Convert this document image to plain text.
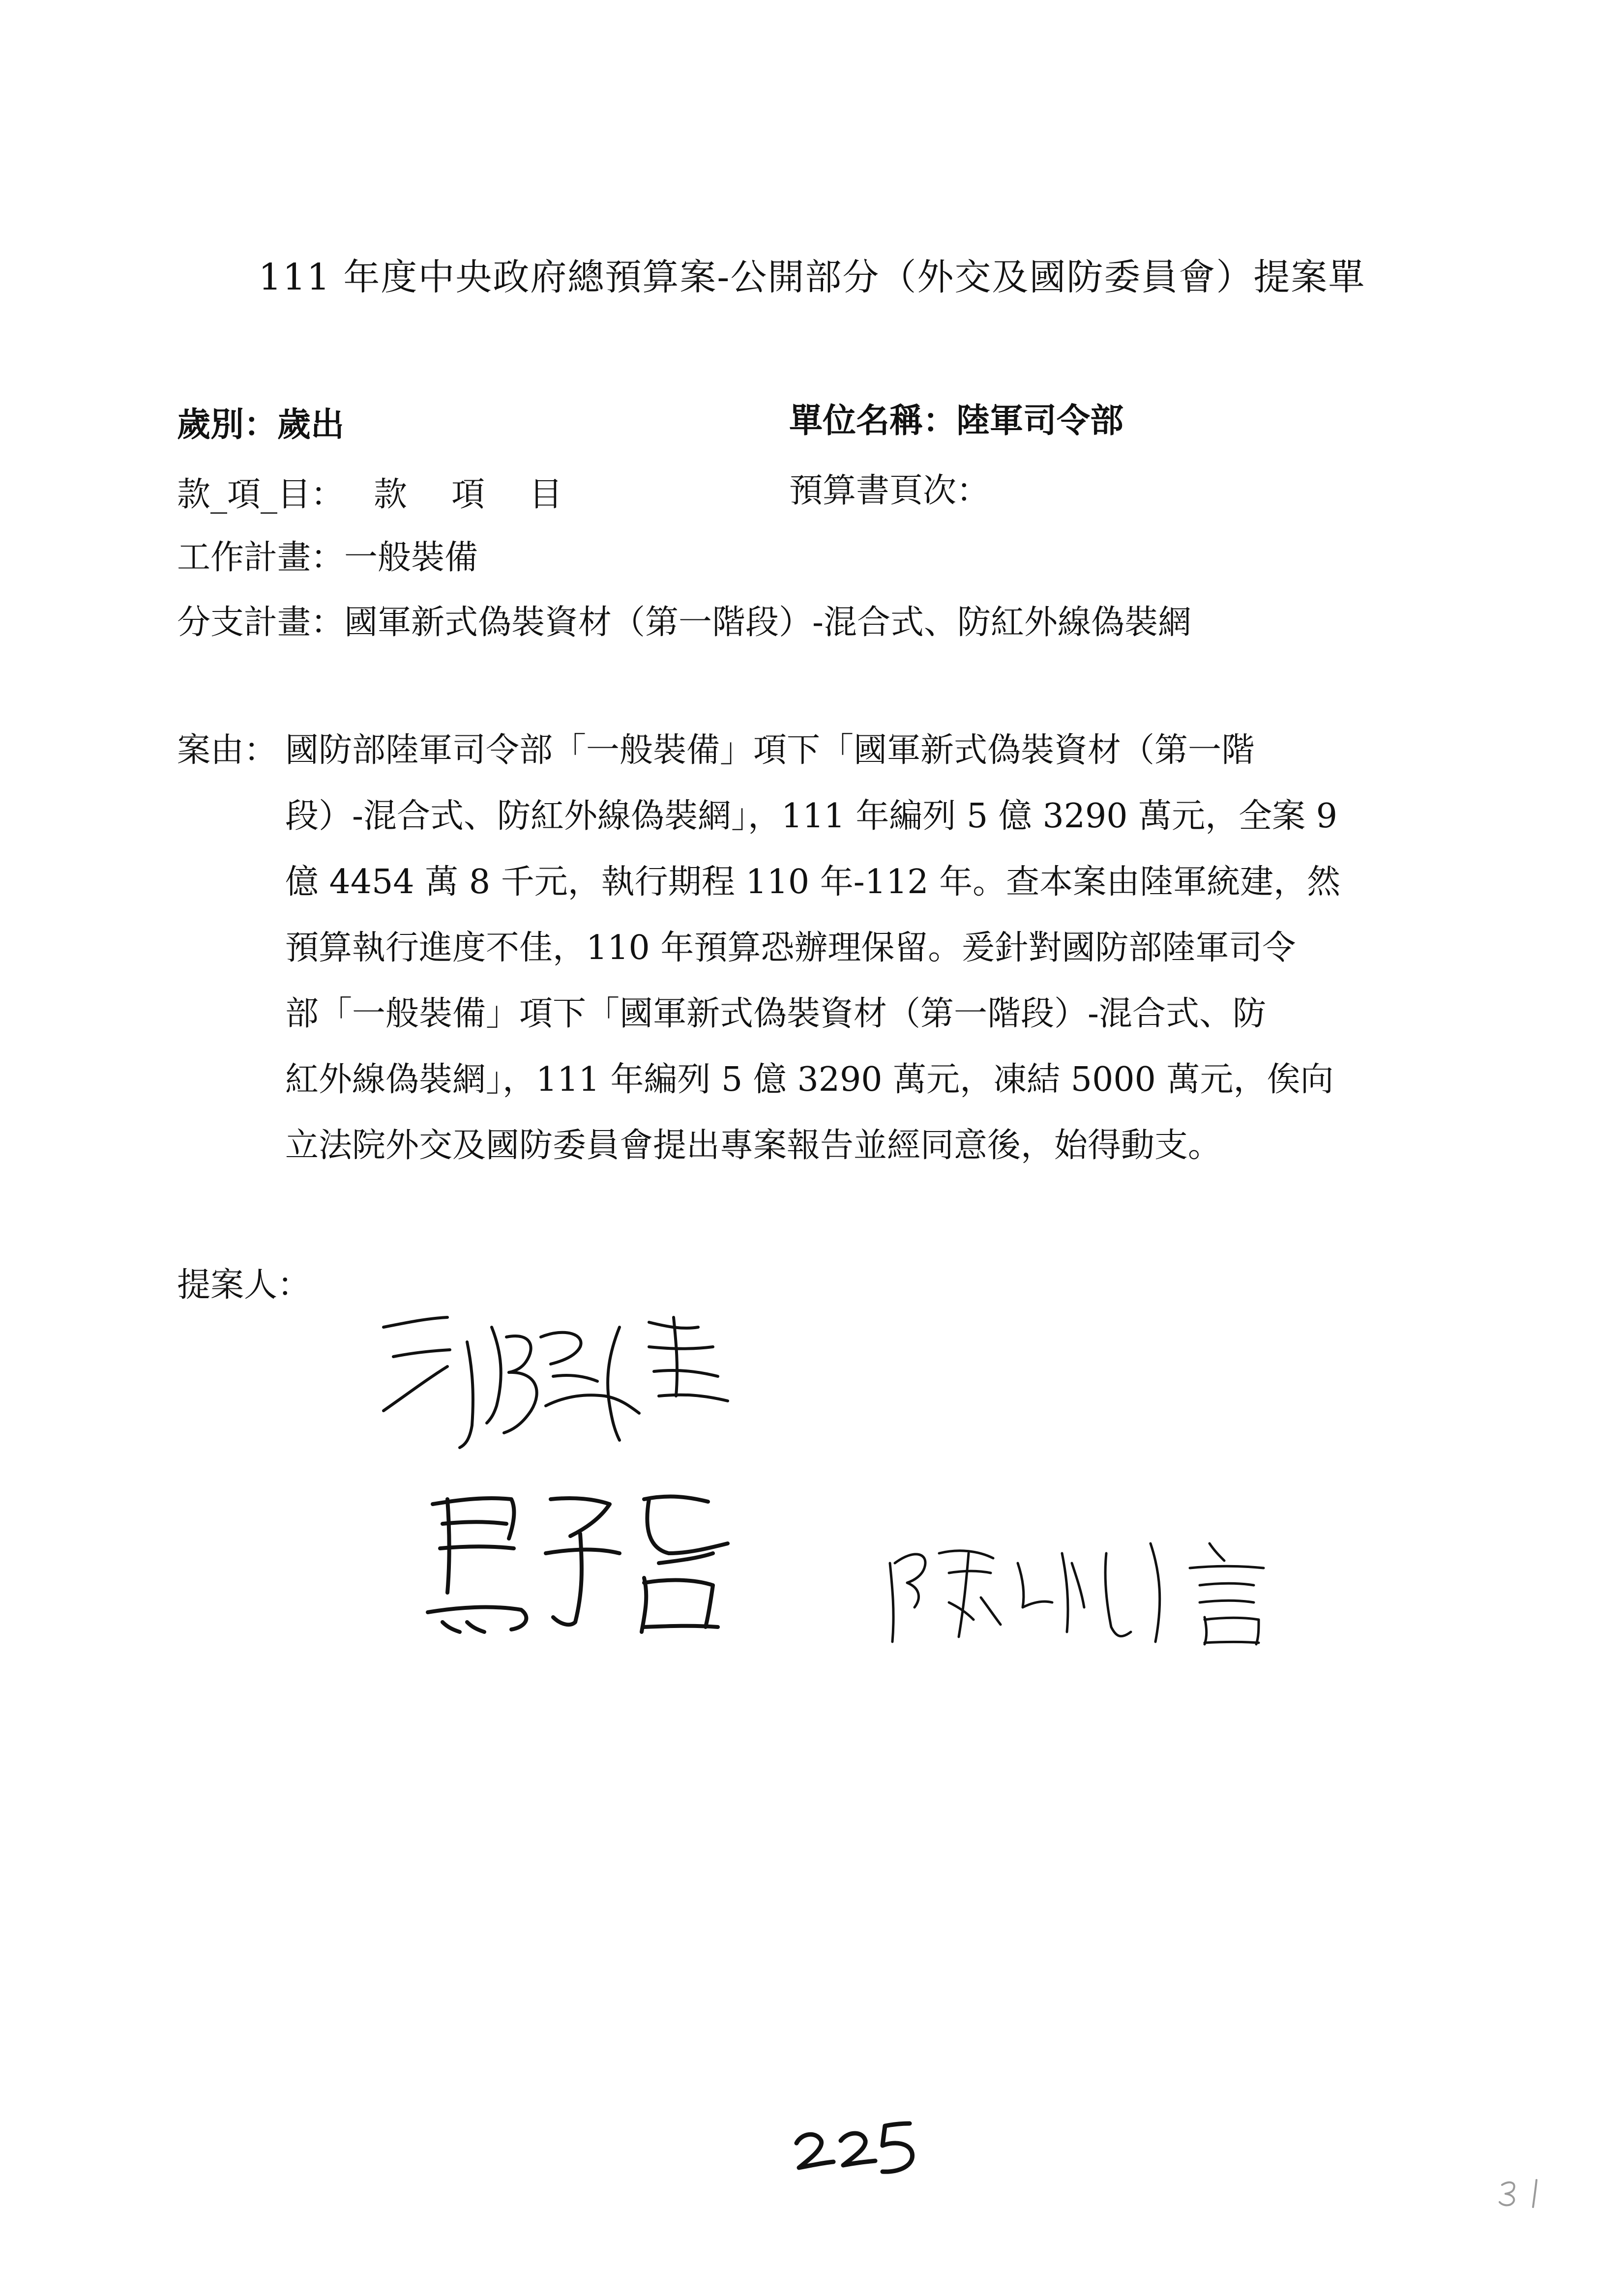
111 年度中央政府總預算案-公開部分（外交及國防委員會）提案單
歲別：歲出	單位名稱：陸軍司令部
款_項_目： 款 項 目	預算書頁次：
工作計畫：一般裝備
分支計畫：國軍新式偽裝資材（第一階段）-混合式、防紅外線偽裝網
案由： 國防部陸軍司令部「一般裝備」項下「國軍新式偽裝資材（第一階
段）-混合式、防紅外線偽裝網」，111 年編列 5 億 3290 萬元，全案 9
億 4454 萬 8 千元，執行期程 110 年-112 年。查本案由陸軍統建，然
預算執行進度不佳，110 年預算恐辦理保留。爰針對國防部陸軍司令
部「一般裝備」項下「國軍新式偽裝資材（第一階段）-混合式、防
紅外線偽裝網」，111 年編列 5 億 3290 萬元，凍結 5000 萬元，俟向
立法院外交及國防委員會提出專案報告並經同意後，始得動支。
提案人：
